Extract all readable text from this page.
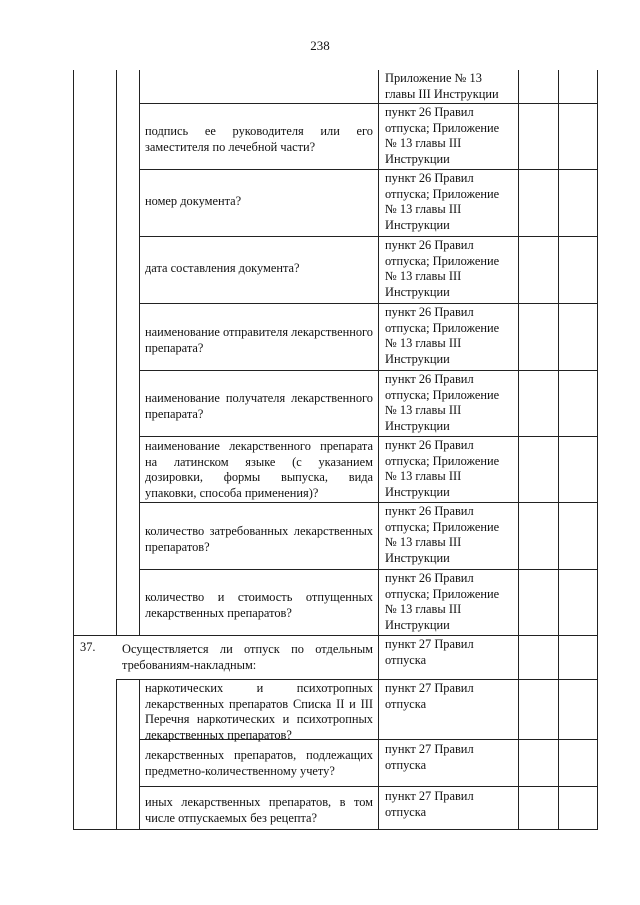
238
Приложение № 13 главы III Инструкции
подпись ее руководителя или его заместителя по лечебной части?
пункт 26 Правил отпуска; Приложение № 13 главы III Инструкции
номер документа?
пункт 26 Правил отпуска; Приложение № 13 главы III Инструкции
дата составления документа?
пункт 26 Правил отпуска; Приложение № 13 главы III Инструкции
наименование отправителя лекарственного препарата?
пункт 26 Правил отпуска; Приложение № 13 главы III Инструкции
наименование получателя лекарственного препарата?
пункт 26 Правил отпуска; Приложение № 13 главы III Инструкции
наименование лекарственного препарата на латинском языке (с указанием дозировки, формы выпуска, вида упаковки, способа применения)?
пункт 26 Правил отпуска; Приложение № 13 главы III Инструкции
количество затребованных лекарственных препаратов?
пункт 26 Правил отпуска; Приложение № 13 главы III Инструкции
количество и стоимость отпущенных лекарственных препаратов?
пункт 26 Правил отпуска; Приложение № 13 главы III Инструкции
37.	Осуществляется ли отпуск по отдельным требованиям-накладным:
пункт 27 Правил отпуска
наркотических и психотропных лекарственных препаратов Списка II и III Перечня наркотических и психотропных лекарственных препаратов?
пункт 27 Правил отпуска
лекарственных препаратов, подлежащих предметно-количественному учету?
пункт 27 Правил отпуска
иных лекарственных препаратов, в том числе отпускаемых без рецепта?
пункт 27 Правил отпуска
